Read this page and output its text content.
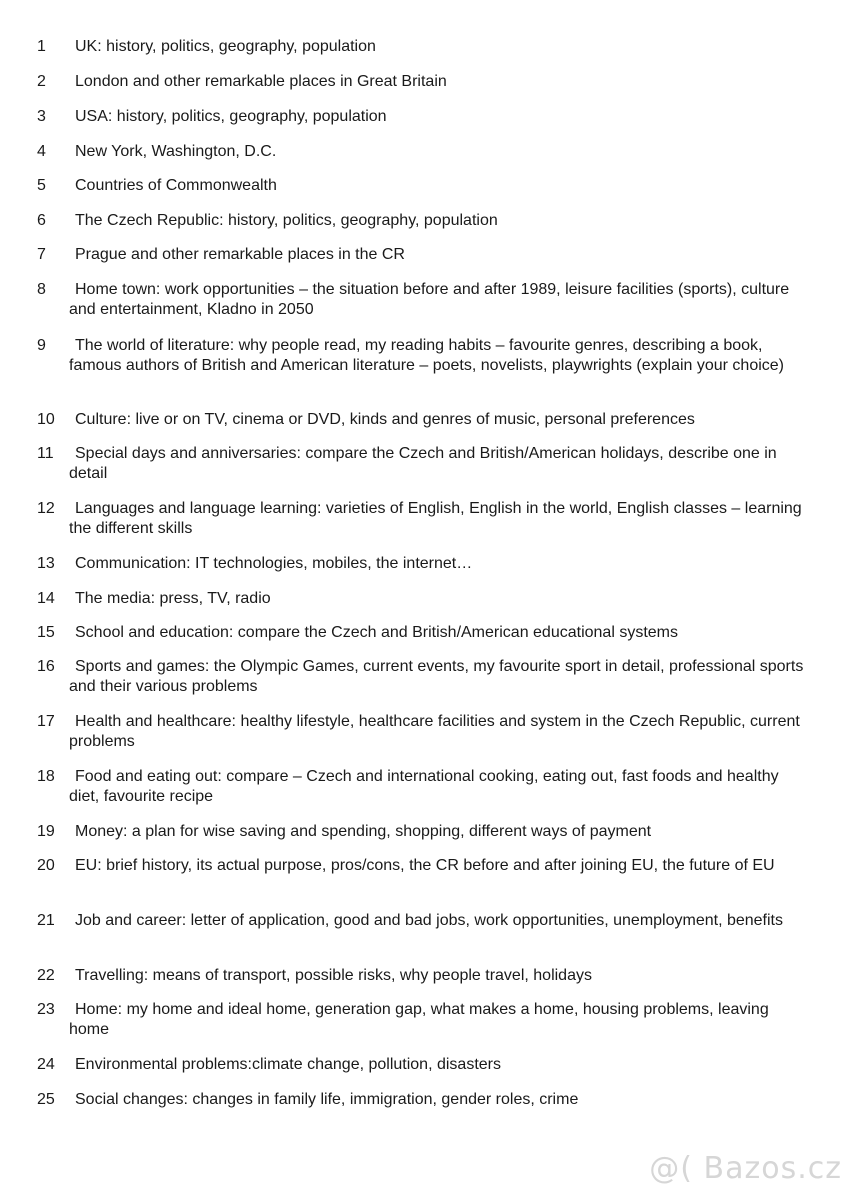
1	UK: history, politics, geography, population
2	London and other remarkable places in Great Britain
3	USA: history, politics, geography, population
4	New York, Washington, D.C.
5	Countries of Commonwealth
6	The Czech Republic: history, politics, geography, population
7	Prague and other remarkable places in the CR
8	Home town: work opportunities – the situation before and after 1989, leisure facilities (sports), culture and entertainment, Kladno in 2050
9	The world of literature: why people read, my reading habits – favourite genres, describing a book, famous authors of British and American literature – poets, novelists, playwrights (explain your choice)
10	Culture: live or on TV, cinema or DVD, kinds and genres of music, personal preferences
11	Special days and anniversaries: compare the Czech and British/American holidays, describe one in detail
12	Languages and language learning: varieties of English, English in the world, English classes – learning the different skills
13	Communication: IT technologies, mobiles, the internet…
14	The media: press, TV, radio
15	School and education: compare the Czech and British/American educational systems
16	Sports and games: the Olympic Games, current events, my favourite sport in detail, professional sports and their various problems
17	Health and healthcare: healthy lifestyle, healthcare facilities and system in the Czech Republic, current problems
18	Food and eating out: compare – Czech and international cooking, eating out, fast foods and healthy diet, favourite recipe
19	Money: a plan for wise saving and spending, shopping, different ways of payment
20	EU: brief history, its actual purpose, pros/cons, the CR before and after joining EU, the future of EU
21	Job and career: letter of application, good and bad jobs, work opportunities, unemployment, benefits
22	Travelling: means of transport, possible risks, why people travel, holidays
23	Home: my home and ideal home, generation gap, what makes a home, housing problems, leaving home
24	Environmental problems:climate change, pollution, disasters
25	Social changes: changes in family life, immigration, gender roles, crime
@( Bazos.cz
